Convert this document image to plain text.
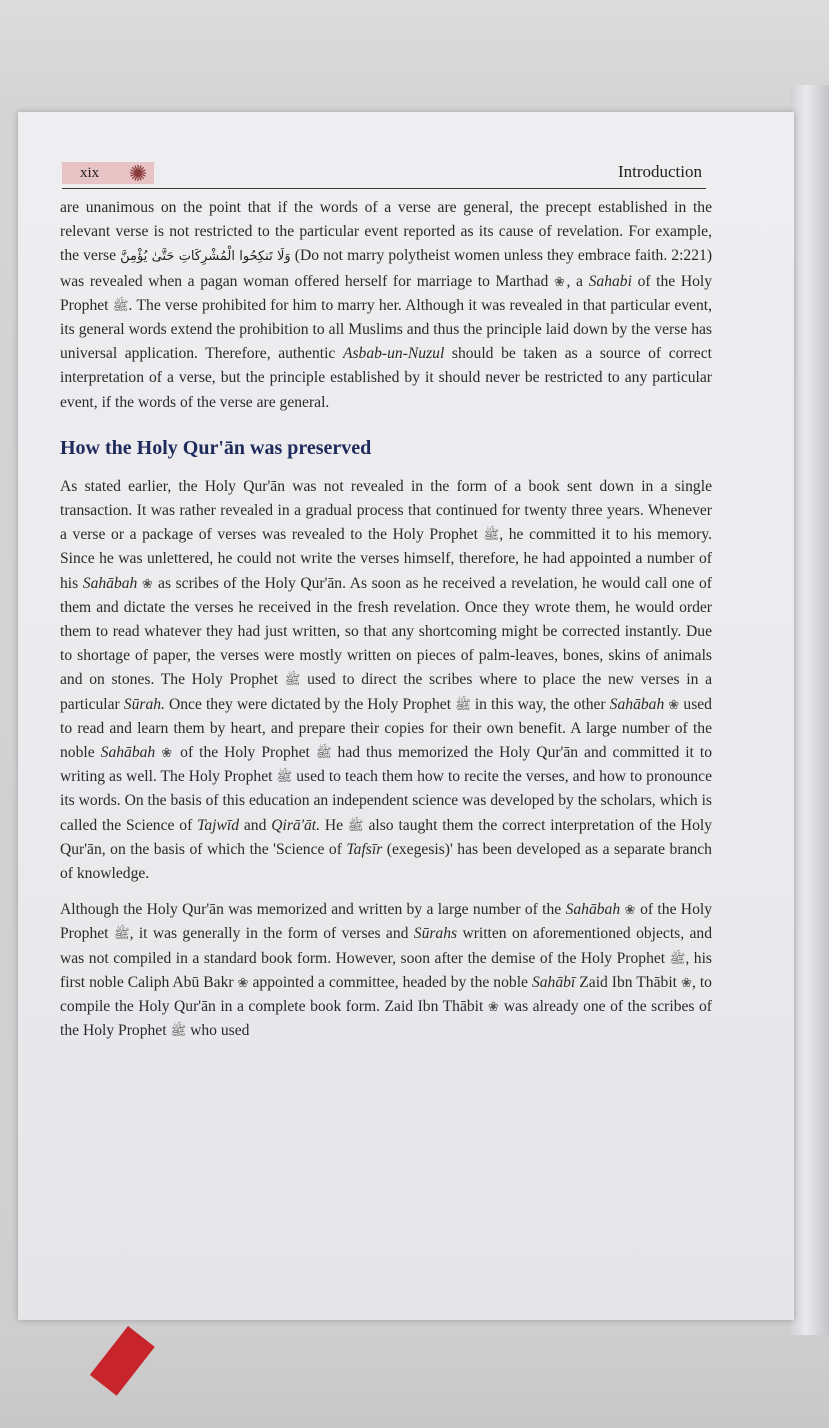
xix ✺	Introduction

are unanimous on the point that if the words of a verse are general, the precept established in the relevant verse is not restricted to the particular event reported as its cause of revelation. For example, the verse وَلَا تَنكِحُوا الْمُشْرِكَاتِ حَتَّىٰ يُؤْمِنَّ (Do not marry polytheist women unless they embrace faith. 2:221) was revealed when a pagan woman offered herself for marriage to Marthad ❀, a Sahabi of the Holy Prophet ﷺ. The verse prohibited for him to marry her. Although it was revealed in that particular event, its general words extend the prohibition to all Muslims and thus the principle laid down by the verse has universal application. Therefore, authentic Asbab-un-Nuzul should be taken as a source of correct interpretation of a verse, but the principle established by it should never be restricted to any particular event, if the words of the verse are general.

How the Holy Qur'ān was preserved

As stated earlier, the Holy Qur'ān was not revealed in the form of a book sent down in a single transaction. It was rather revealed in a gradual process that continued for twenty three years. Whenever a verse or a package of verses was revealed to the Holy Prophet ﷺ, he committed it to his memory. Since he was unlettered, he could not write the verses himself, therefore, he had appointed a number of his Sahābah ❀ as scribes of the Holy Qur'ān. As soon as he received a revelation, he would call one of them and dictate the verses he received in the fresh revelation. Once they wrote them, he would order them to read whatever they had just written, so that any shortcoming might be corrected instantly. Due to shortage of paper, the verses were mostly written on pieces of palm-leaves, bones, skins of animals and on stones. The Holy Prophet ﷺ used to direct the scribes where to place the new verses in a particular Sūrah. Once they were dictated by the Holy Prophet ﷺ in this way, the other Sahābah ❀ used to read and learn them by heart, and prepare their copies for their own benefit. A large number of the noble Sahābah ❀ of the Holy Prophet ﷺ had thus memorized the Holy Qur'ān and committed it to writing as well. The Holy Prophet ﷺ used to teach them how to recite the verses, and how to pronounce its words. On the basis of this education an independent science was developed by the scholars, which is called the Science of Tajwīd and Qirā'āt. He ﷺ also taught them the correct interpretation of the Holy Qur'ān, on the basis of which the 'Science of Tafsīr (exegesis)' has been developed as a separate branch of knowledge.

Although the Holy Qur'ān was memorized and written by a large number of the Sahābah ❀ of the Holy Prophet ﷺ, it was generally in the form of verses and Sūrahs written on aforementioned objects, and was not compiled in a standard book form. However, soon after the demise of the Holy Prophet ﷺ, his first noble Caliph Abū Bakr ❀ appointed a committee, headed by the noble Sahābī Zaid Ibn Thābit ❀, to compile the Holy Qur'ān in a complete book form. Zaid Ibn Thābit ❀ was already one of the scribes of the Holy Prophet ﷺ who used
